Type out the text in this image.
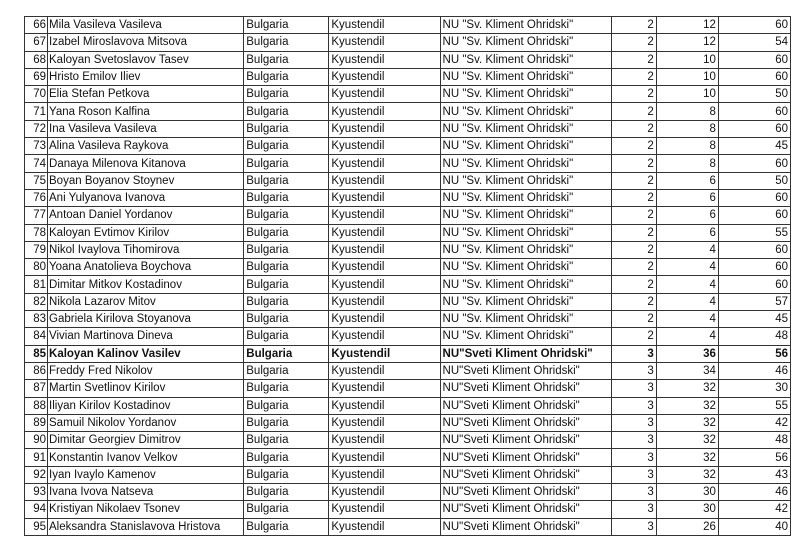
66	Mila Vasileva Vasileva	Bulgaria	Kyustendil	NU "Sv. Kliment Ohridski"	2	12	60
67	Izabel Miroslavova Mitsova	Bulgaria	Kyustendil	NU "Sv. Kliment Ohridski"	2	12	54
68	Kaloyan Svetoslavov Tasev	Bulgaria	Kyustendil	NU "Sv. Kliment Ohridski"	2	10	60
69	Hristo Emilov Iliev	Bulgaria	Kyustendil	NU "Sv. Kliment Ohridski"	2	10	60
70	Elia Stefan Petkova	Bulgaria	Kyustendil	NU "Sv. Kliment Ohridski"	2	10	50
71	Yana Roson Kalfina	Bulgaria	Kyustendil	NU "Sv. Kliment Ohridski"	2	8	60
72	Ina Vasileva Vasileva	Bulgaria	Kyustendil	NU "Sv. Kliment Ohridski"	2	8	60
73	Alina Vasileva Raykova	Bulgaria	Kyustendil	NU "Sv. Kliment Ohridski"	2	8	45
74	Danaya Milenova Kitanova	Bulgaria	Kyustendil	NU "Sv. Kliment Ohridski"	2	8	60
75	Boyan Boyanov Stoynev	Bulgaria	Kyustendil	NU "Sv. Kliment Ohridski"	2	6	50
76	Ani Yulyanova Ivanova	Bulgaria	Kyustendil	NU "Sv. Kliment Ohridski"	2	6	60
77	Antoan Daniel Yordanov	Bulgaria	Kyustendil	NU "Sv. Kliment Ohridski"	2	6	60
78	Kaloyan Evtimov Kirilov	Bulgaria	Kyustendil	NU "Sv. Kliment Ohridski"	2	6	55
79	Nikol Ivaylova Tihomirova	Bulgaria	Kyustendil	NU "Sv. Kliment Ohridski"	2	4	60
80	Yoana Anatolieva Boychova	Bulgaria	Kyustendil	NU "Sv. Kliment Ohridski"	2	4	60
81	Dimitar Mitkov Kostadinov	Bulgaria	Kyustendil	NU "Sv. Kliment Ohridski"	2	4	60
82	Nikola Lazarov Mitov	Bulgaria	Kyustendil	NU "Sv. Kliment Ohridski"	2	4	57
83	Gabriela Kirilova Stoyanova	Bulgaria	Kyustendil	NU "Sv. Kliment Ohridski"	2	4	45
84	Vivian Martinova Dineva	Bulgaria	Kyustendil	NU "Sv. Kliment Ohridski"	2	4	48
85	Kaloyan Kalinov Vasilev	Bulgaria	Kyustendil	NU"Sveti Kliment Ohridski"	3	36	56
86	Freddy Fred Nikolov	Bulgaria	Kyustendil	NU"Sveti Kliment Ohridski"	3	34	46
87	Martin Svetlinov Kirilov	Bulgaria	Kyustendil	NU"Sveti Kliment Ohridski"	3	32	30
88	Iliyan Kirilov Kostadinov	Bulgaria	Kyustendil	NU"Sveti Kliment Ohridski"	3	32	55
89	Samuil Nikolov Yordanov	Bulgaria	Kyustendil	NU"Sveti Kliment Ohridski"	3	32	42
90	Dimitar Georgiev Dimitrov	Bulgaria	Kyustendil	NU"Sveti Kliment Ohridski"	3	32	48
91	Konstantin Ivanov Velkov	Bulgaria	Kyustendil	NU"Sveti Kliment Ohridski"	3	32	56
92	Iyan Ivaylo Kamenov	Bulgaria	Kyustendil	NU"Sveti Kliment Ohridski"	3	32	43
93	Ivana Ivova Natseva	Bulgaria	Kyustendil	NU"Sveti Kliment Ohridski"	3	30	46
94	Kristiyan Nikolaev Tsonev	Bulgaria	Kyustendil	NU"Sveti Kliment Ohridski"	3	30	42
95	Aleksandra Stanislavova Hristova	Bulgaria	Kyustendil	NU"Sveti Kliment Ohridski"	3	26	40
